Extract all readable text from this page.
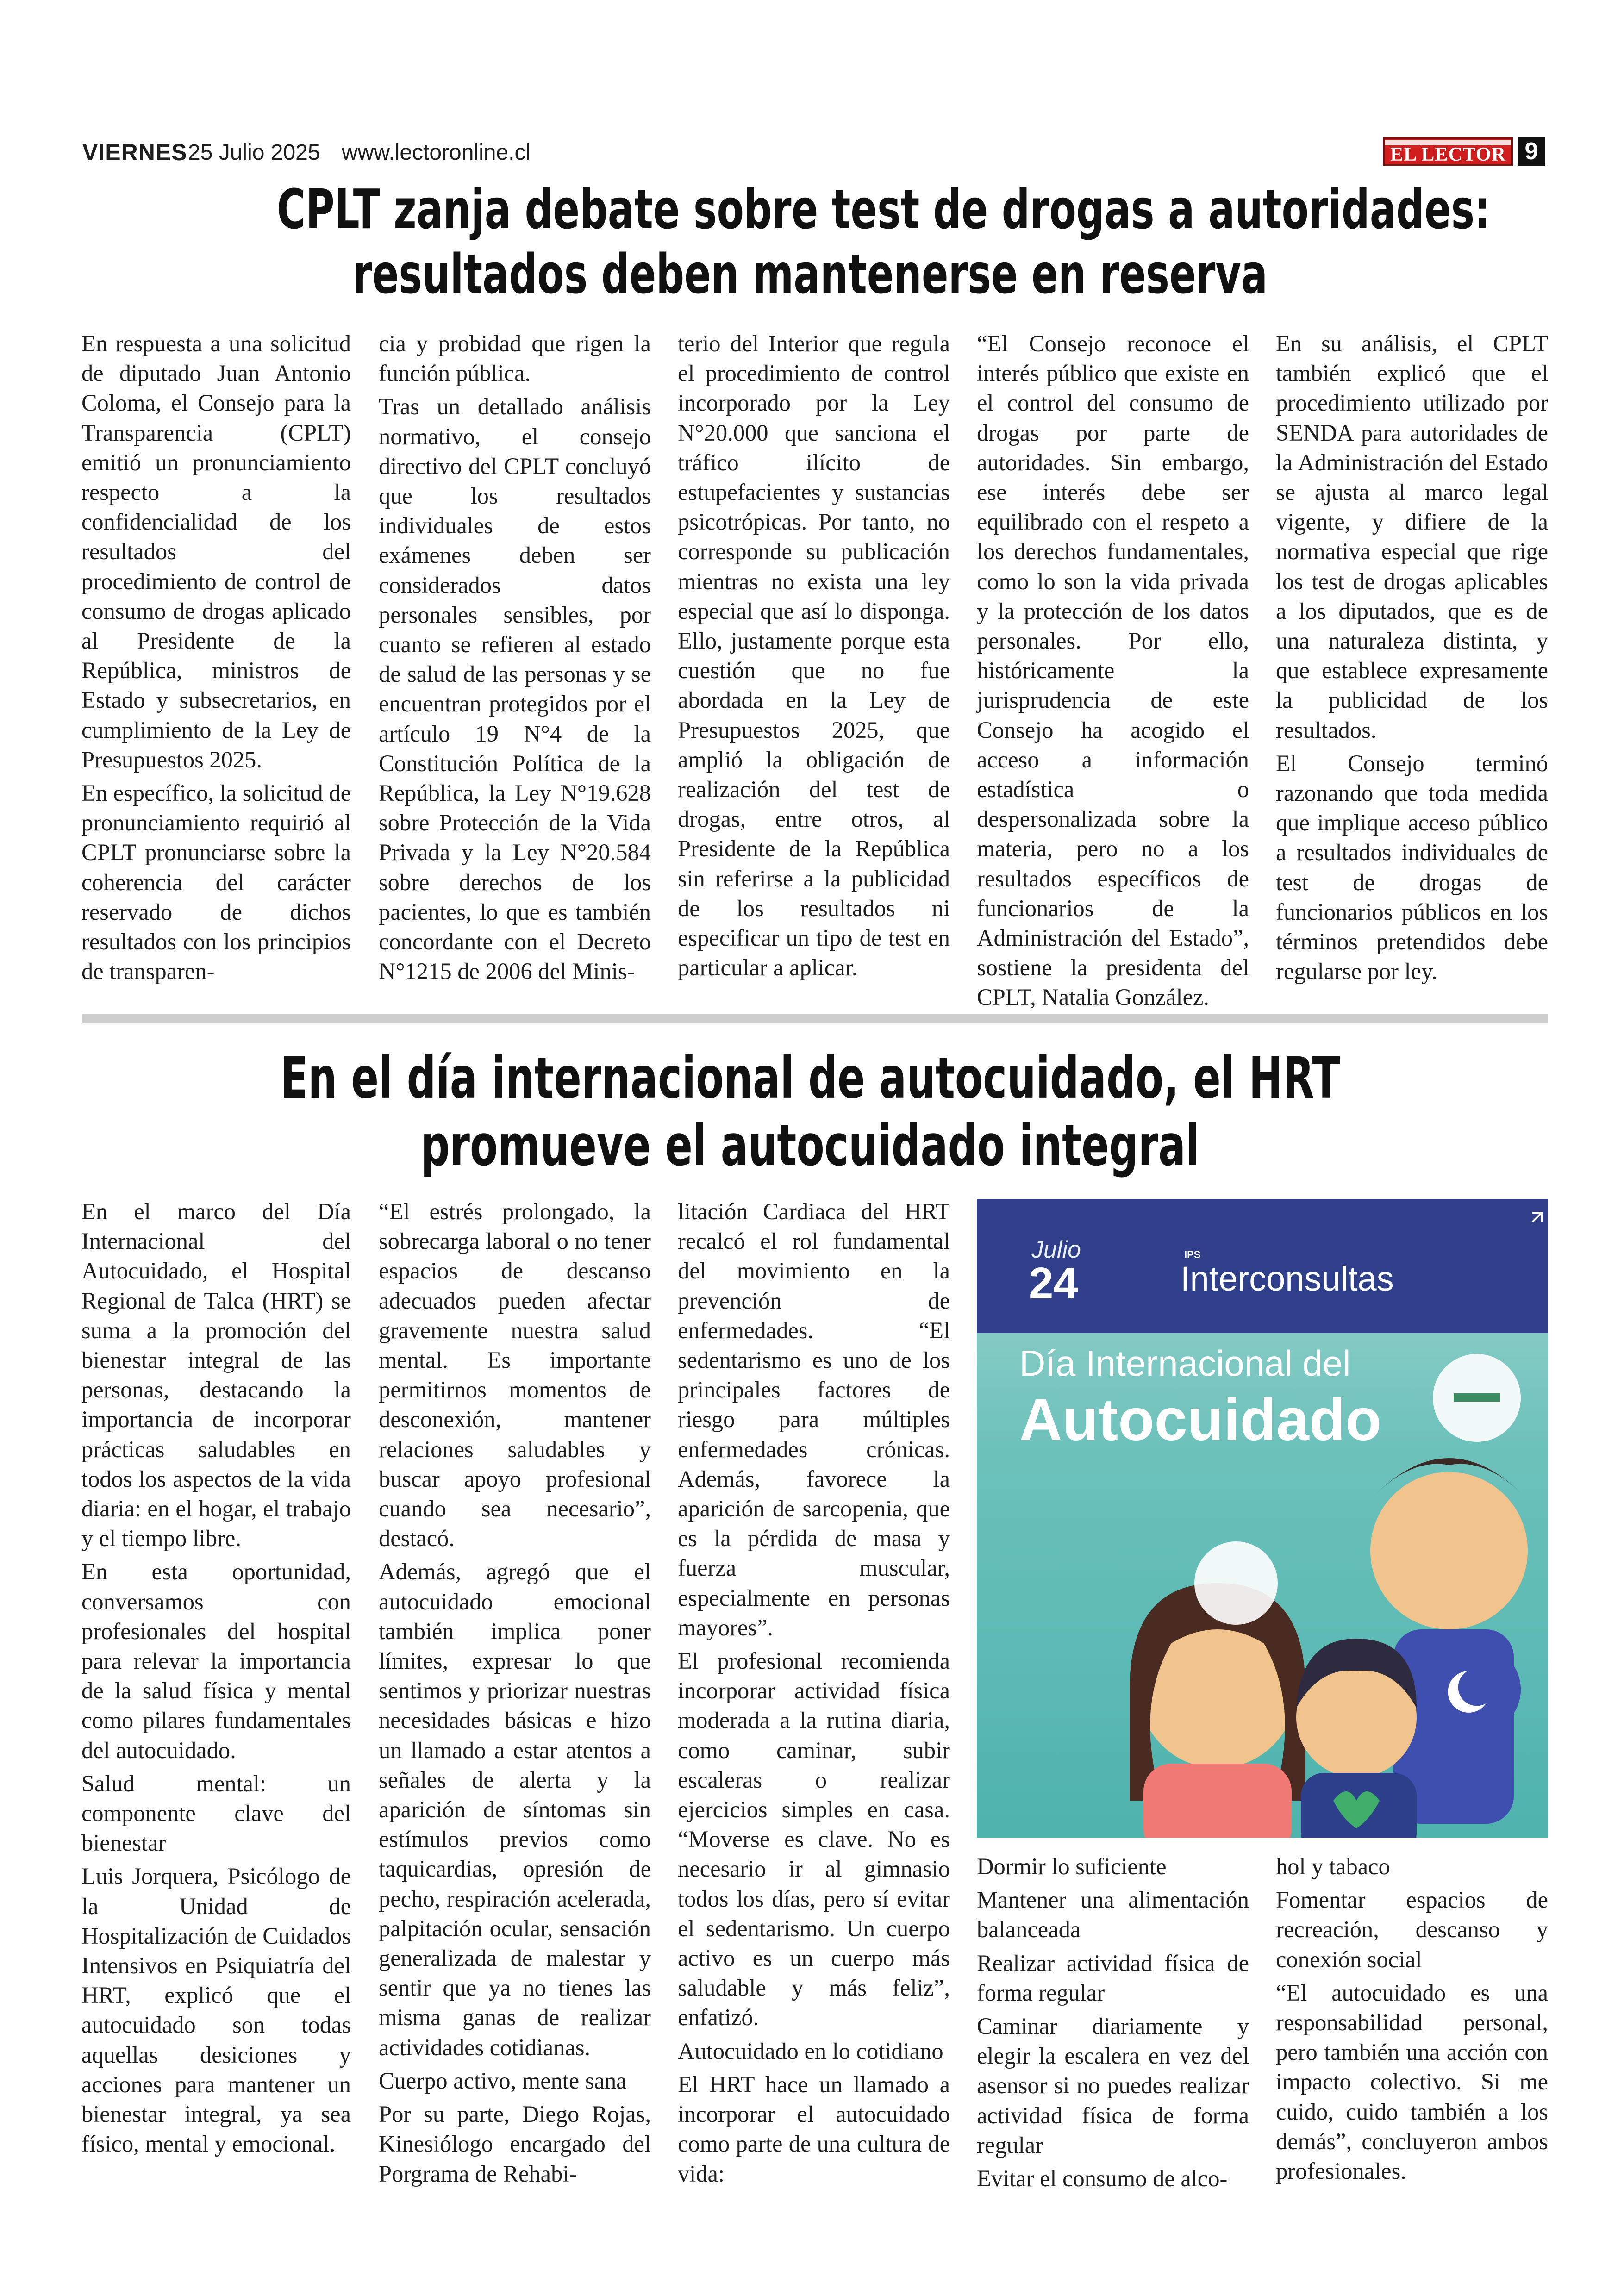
VIERNES 25 Julio 2025 www.lectoronline.cl	EL LECTOR 9
CPLT zanja debate sobre test de drogas a autoridades:
resultados deben mantenerse en reserva

En respuesta a una solicitud de diputado Juan Antonio Coloma, el Consejo para la Transparencia (CPLT) emitió un pronunciamiento respecto a la confidencialidad de los resultados del procedimiento de control de consumo de drogas aplicado al Presidente de la República, ministros de Estado y subsecretarios, en cumplimiento de la Ley de Presupuestos 2025.

En específico, la solicitud de pronunciamiento requirió al CPLT pronunciarse sobre la coherencia del carácter reservado de dichos resultados con los principios de transparen-

cia y probidad que rigen la función pública.

Tras un detallado análisis normativo, el consejo directivo del CPLT concluyó que los resultados individuales de estos exámenes deben ser considerados datos personales sensibles, por cuanto se refieren al estado de salud de las personas y se encuentran protegidos por el artículo 19 N°4 de la Constitución Política de la República, la Ley N°19.628 sobre Protección de la Vida Privada y la Ley N°20.584 sobre derechos de los pacientes, lo que es también concordante con el Decreto N°1215 de 2006 del Minis-

terio del Interior que regula el procedimiento de control incorporado por la Ley N°20.000 que sanciona el tráfico ilícito de estupefacientes y sustancias psicotrópicas. Por tanto, no corresponde su publicación mientras no exista una ley especial que así lo disponga. Ello, justamente porque esta cuestión que no fue abordada en la Ley de Presupuestos 2025, que amplió la obligación de realización del test de drogas, entre otros, al Presidente de la República sin referirse a la publicidad de los resultados ni especificar un tipo de test en particular a aplicar.

“El Consejo reconoce el interés público que existe en el control del consumo de drogas por parte de autoridades. Sin embargo, ese interés debe ser equilibrado con el respeto a los derechos fundamentales, como lo son la vida privada y la protección de los datos personales. Por ello, históricamente la jurisprudencia de este Consejo ha acogido el acceso a información estadística o despersonalizada sobre la materia, pero no a los resultados específicos de funcionarios de la Administración del Estado”, sostiene la presidenta del CPLT, Natalia González.

En su análisis, el CPLT también explicó que el procedimiento utilizado por SENDA para autoridades de la Administración del Estado se ajusta al marco legal vigente, y difiere de la normativa especial que rige los test de drogas aplicables a los diputados, que es de una naturaleza distinta, y que establece expresamente la publicidad de los resultados.

El Consejo terminó razonando que toda medida que implique acceso público a resultados individuales de test de drogas de funcionarios públicos en los términos pretendidos debe regularse por ley.

En el día internacional de autocuidado, el HRT
promueve el autocuidado integral

En el marco del Día Internacional del Autocuidado, el Hospital Regional de Talca (HRT) se suma a la promoción del bienestar integral de las personas, destacando la importancia de incorporar prácticas saludables en todos los aspectos de la vida diaria: en el hogar, el trabajo y el tiempo libre.

En esta oportunidad, conversamos con profesionales del hospital para relevar la importancia de la salud física y mental como pilares fundamentales del autocuidado.

Salud mental: un componente clave del bienestar

Luis Jorquera, Psicólogo de la Unidad de Hospitalización de Cuidados Intensivos en Psiquiatría del HRT, explicó que el autocuidado son todas aquellas desiciones y acciones para mantener un bienestar integral, ya sea físico, mental y emocional.

“El estrés prolongado, la sobrecarga laboral o no tener espacios de descanso adecuados pueden afectar gravemente nuestra salud mental. Es importante permitirnos momentos de desconexión, mantener relaciones saludables y buscar apoyo profesional cuando sea necesario”, destacó.

Además, agregó que el autocuidado emocional también implica poner límites, expresar lo que sentimos y priorizar nuestras necesidades básicas e hizo un llamado a estar atentos a señales de alerta y la aparición de síntomas sin estímulos previos como taquicardias, opresión de pecho, respiración acelerada, palpitación ocular, sensación generalizada de malestar y sentir que ya no tienes las misma ganas de realizar actividades cotidianas.

Cuerpo activo, mente sana

Por su parte, Diego Rojas, Kinesiólogo encargado del Porgrama de Rehabi-

litación Cardiaca del HRT recalcó el rol fundamental del movimiento en la prevención de enfermedades. “El sedentarismo es uno de los principales factores de riesgo para múltiples enfermedades crónicas. Además, favorece la aparición de sarcopenia, que es la pérdida de masa y fuerza muscular, especialmente en personas mayores”.

El profesional recomienda incorporar actividad física moderada a la rutina diaria, como caminar, subir escaleras o realizar ejercicios simples en casa. “Moverse es clave. No es necesario ir al gimnasio todos los días, pero sí evitar el sedentarismo. Un cuerpo activo es un cuerpo más saludable y más feliz”, enfatizó.

Autocuidado en lo cotidiano

El HRT hace un llamado a incorporar el autocuidado como parte de una cultura de vida:

Julio
24
IPS
Interconsultas
Día Internacional del
Autocuidado

Dormir lo suficiente

Mantener una alimentación balanceada

Realizar actividad física de forma regular

Caminar diariamente y elegir la escalera en vez del asensor si no puedes realizar actividad física de forma regular

Evitar el consumo de alco-

hol y tabaco

Fomentar espacios de recreación, descanso y conexión social

“El autocuidado es una responsabilidad personal, pero también una acción con impacto colectivo. Si me cuido, cuido también a los demás”, concluyeron ambos profesionales.
